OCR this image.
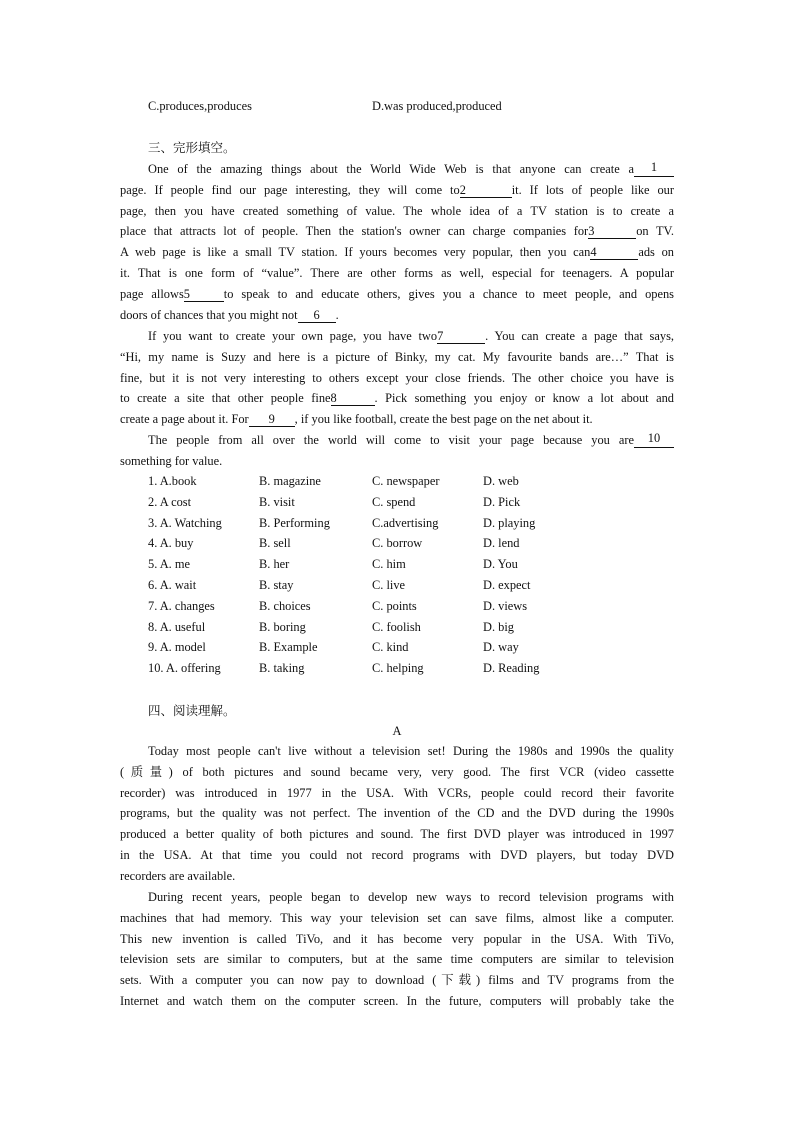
C.produces,produces	D.was produced,produced
三、完形填空。
One of the amazing things about the World Wide Web is that anyone can create a	1
page. If people find our page interesting, they will come to2	it. If lots of people like our
page, then you have created something of value. The whole idea of a TV station is to create a
place that attracts lot of people. Then the station's owner can charge companies for3	on TV.
A web page is like a small TV station. If yours becomes very popular, then you can4	ads on
it. That is one form of “value”. There are other forms as well, especial for teenagers. A popular
page allows5	to speak to and educate others, gives you a chance to meet people, and opens
doors of chances that you might not 6 .
If you want to create your own page, you have two7	. You can create a page that says,
“Hi, my name is Suzy and here is a picture of Binky, my cat. My favourite bands are…” That is
fine, but it is not very interesting to others except your close friends. The other choice you have is
to create a site that other people fine8	. Pick something you enjoy or know a lot about and
create a page about it. For 9 , if you like football, create the best page on the net about it.
The people from all over the world will come to visit your page because you are	10
something for value.
1. A.book	B. magazine	C. newspaper	D. web
2. A cost	B. visit	C. spend	D. Pick
3. A. Watching	B. Performing	C.advertising	D. playing
4. A. buy	B. sell	C. borrow	D. lend
5. A. me	B. her	C. him	D. You
6. A. wait	B. stay	C. live	D. expect
7. A. changes	B. choices	C. points	D. views
8. A. useful	B. boring	C. foolish	D. big
9. A. model	B. Example	C. kind	D. way
10. A. offering	B. taking	C. helping	D. Reading
四、阅读理解。
A
Today most people can't live without a television set! During the 1980s and 1990s the quality
(质量) of both pictures and sound became very, very good. The first VCR (video cassette
recorder) was introduced in 1977 in the USA. With VCRs, people could record their favorite
programs, but the quality was not perfect. The invention of the CD and the DVD during the 1990s
produced a better quality of both pictures and sound. The first DVD player was introduced in 1997
in the USA. At that time you could not record programs with DVD players, but today DVD
recorders are available.
During recent years, people began to develop new ways to record television programs with
machines that had memory. This way your television set can save films, almost like a computer.
This new invention is called TiVo, and it has become very popular in the USA. With TiVo,
television sets are similar to computers, but at the same time computers are similar to television
sets. With a computer you can now pay to download (下载) films and TV programs from the
Internet and watch them on the computer screen. In the future, computers will probably take the
